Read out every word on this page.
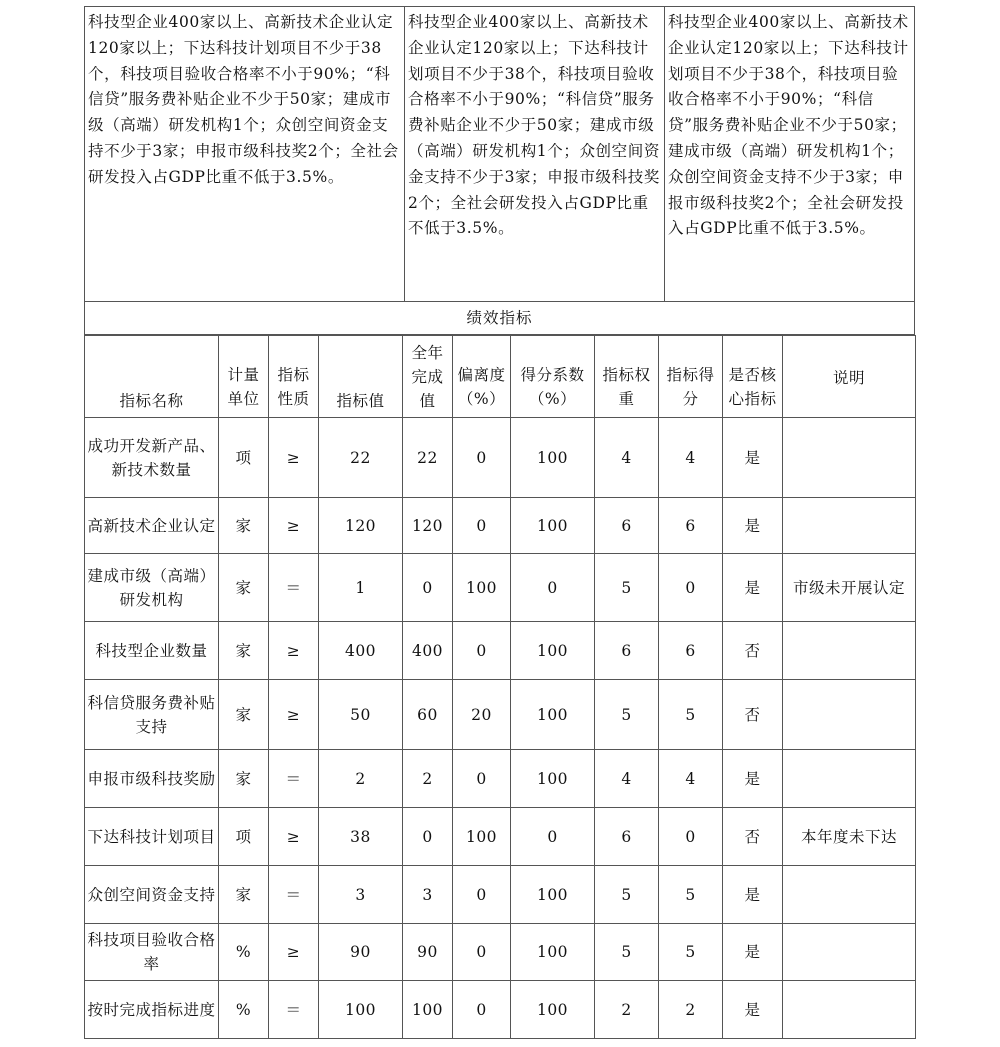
科技型企业400家以上、高新技术企业认定120家以上；下达科技计划项目不少于38个，科技项目验收合格率不小于90%；“科信贷”服务费补贴企业不少于50家；建成市级（高端）研发机构1个；众创空间资金支持不少于3家；申报市级科技奖2个；全社会研发投入占GDP比重不低于3.5%。
科技型企业400家以上、高新技术企业认定120家以上；下达科技计划项目不少于38个，科技项目验收合格率不小于90%；“科信贷”服务费补贴企业不少于50家；建成市级（高端）研发机构1个；众创空间资金支持不少于3家；申报市级科技奖2个；全社会研发投入占GDP比重不低于3.5%。
科技型企业400家以上、高新技术企业认定120家以上；下达科技计划项目不少于38个，科技项目验收合格率不小于90%；“科信贷”服务费补贴企业不少于50家；建成市级（高端）研发机构1个；众创空间资金支持不少于3家；申报市级科技奖2个；全社会研发投入占GDP比重不低于3.5%。
绩效指标
指标名称	计量单位	指标性质	指标值	全年完成值	偏离度（%）	得分系数（%）	指标权重	指标得分	是否核心指标	说明
成功开发新产品、新技术数量	项	≥	22	22	0	100	4	4	是	
高新技术企业认定	家	≥	120	120	0	100	6	6	是	
建成市级（高端）研发机构	家	＝	1	0	100	0	5	0	是	市级未开展认定
科技型企业数量	家	≥	400	400	0	100	6	6	否	
科信贷服务费补贴支持	家	≥	50	60	20	100	5	5	否	
申报市级科技奖励	家	＝	2	2	0	100	4	4	是	
下达科技计划项目	项	≥	38	0	100	0	6	0	否	本年度未下达
众创空间资金支持	家	＝	3	3	0	100	5	5	是	
科技项目验收合格率	%	≥	90	90	0	100	5	5	是	
按时完成指标进度	%	＝	100	100	0	100	2	2	是	
